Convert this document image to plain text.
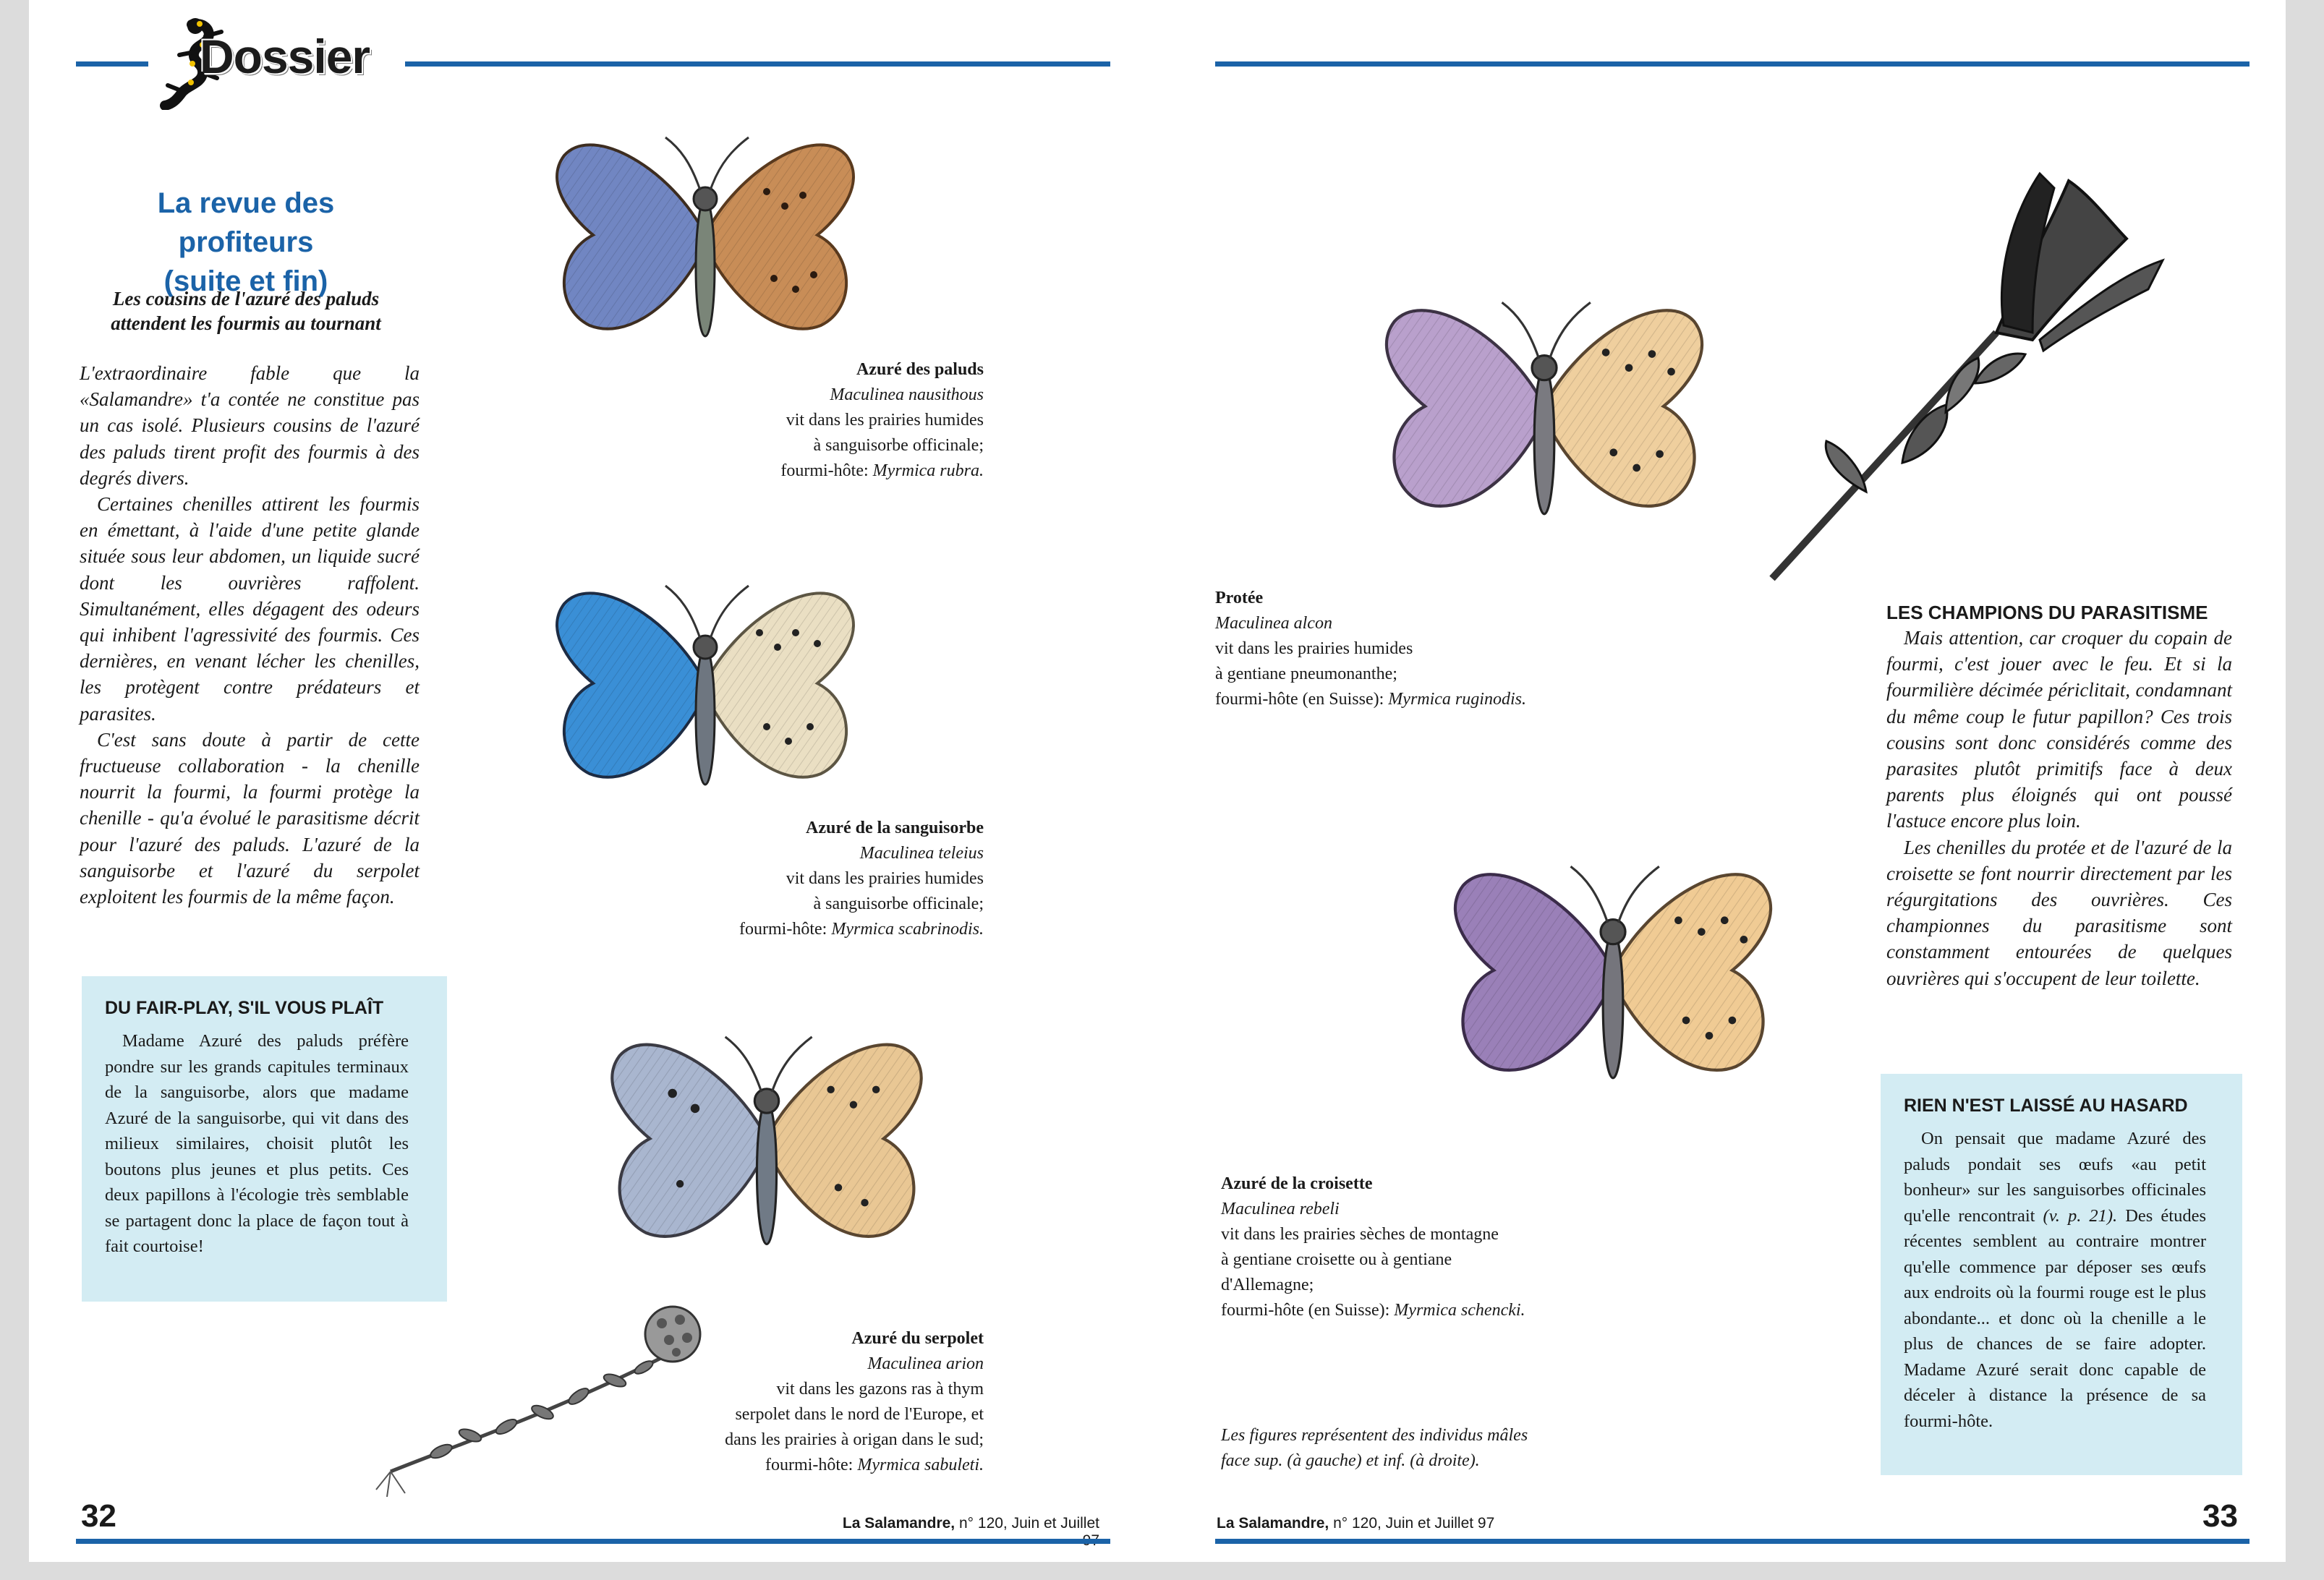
Dossier
La revue des profiteurs
(suite et fin)
Les cousins de l'azuré des paluds
attendent les fourmis au tournant

L'extraordinaire fable que la «Salamandre» t'a contée ne constitue pas un cas isolé. Plusieurs cousins de l'azuré des paluds tirent profit des fourmis à des degrés divers.

Certaines chenilles attirent les fourmis en émettant, à l'aide d'une petite glande située sous leur abdomen, un liquide sucré dont les ouvrières raffolent. Simultanément, elles dégagent des odeurs qui inhibent l'agressivité des fourmis. Ces dernières, en venant lécher les chenilles, les protègent contre prédateurs et parasites.

C'est sans doute à partir de cette fructueuse collaboration - la chenille nourrit la fourmi, la fourmi protège la chenille - qu'a évolué le parasitisme décrit pour l'azuré des paluds. L'azuré de la sanguisorbe et l'azuré du serpolet exploitent les fourmis de la même façon.

DU FAIR-PLAY, S'IL VOUS PLAÎT
Madame Azuré des paluds préfère pondre sur les grands capitules terminaux de la sanguisorbe, alors que madame Azuré de la sanguisorbe, qui vit dans des milieux similaires, choisit plutôt les boutons plus jeunes et plus petits. Ces deux papillons à l'écologie très semblable se partagent donc la place de façon tout à fait courtoise!
Azuré des paluds
Maculinea nausithous
vit dans les prairies humides
à sanguisorbe officinale;
fourmi-hôte: Myrmica rubra.
Azuré de la sanguisorbe
Maculinea teleius
vit dans les prairies humides
à sanguisorbe officinale;
fourmi-hôte: Myrmica scabrinodis.
Azuré du serpolet
Maculinea arion
vit dans les gazons ras à thym
serpolet dans le nord de l'Europe, et
dans les prairies à origan dans le sud;
fourmi-hôte: Myrmica sabuleti.
32	La Salamandre, n° 120, Juin et Juillet
Protée
Maculinea alcon
vit dans les prairies humides
à gentiane pneumonanthe;
fourmi-hôte (en Suisse): Myrmica ruginodis.
Azuré de la croisette
Maculinea rebeli
vit dans les prairies sèches de montagne
à gentiane croisette ou à gentiane
d'Allemagne;
fourmi-hôte (en Suisse): Myrmica schencki.
Les figures représentent des individus mâles
face sup. (à gauche) et inf. (à droite).
LES CHAMPIONS DU PARASITISME

Mais attention, car croquer du copain de fourmi, c'est jouer avec le feu. Et si la fourmilière décimée périclitait, condamnant du même coup le futur papillon? Ces trois cousins sont donc considérés comme des parasites plutôt primitifs face à deux parents plus éloignés qui ont poussé l'astuce encore plus loin.

Les chenilles du protée et de l'azuré de la croisette se font nourrir directement par les régurgitations des ouvrières. Ces championnes du parasitisme sont constamment entourées de quelques ouvrières qui s'occupent de leur toilette.

RIEN N'EST LAISSÉ AU HASARD
On pensait que madame Azuré des paluds pondait ses œufs «au petit bonheur» sur les sanguisorbes officinales qu'elle rencontrait (v. p. 21). Des études récentes semblent au contraire montrer qu'elle commence par déposer ses œufs aux endroits où la fourmi rouge est le plus abondante... et donc où la chenille a le plus de chances de se faire adopter. Madame Azuré serait donc capable de déceler à distance la présence de sa fourmi-hôte.
La Salamandre, n° 120, Juin et Juillet 97	33
